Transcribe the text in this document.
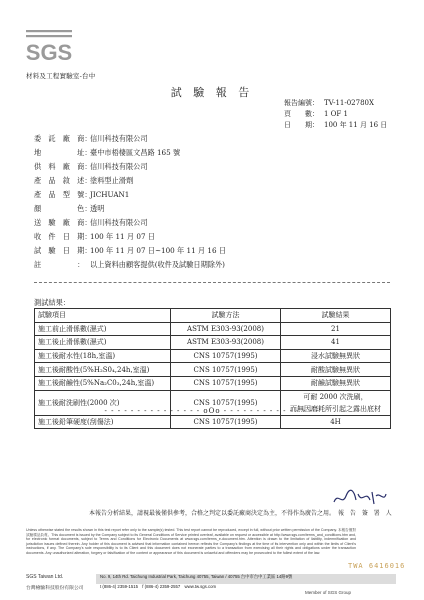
SGS
材料及工程實驗室-台中
試 驗 報 告
報告編號： TV-11-02780X
頁　　數： 1 OF 1
日　　期： 100 年 11 月 16 日
委　託　廠　商：信川科技有限公司
地　　　　　址：臺中市梧棲區文昌路 165 號
供　料　廠　商：信川科技有限公司
產　品　敘　述：塗料型止滑劑
產　品　型　號：JICHUAN1
顏　　　　　色：透明
送　驗　廠　商：信川科技有限公司
收　件　日　期：100 年 11 月 07 日
試　驗　日　期：100 年 11 月 07 日~100 年 11 月 16 日
註　　　　　： 以上資料由顧客提供(收件及試驗日期除外)
測試結果：
試驗項目	試驗方法	試驗結果
施工前止滑係數(濕式)	ASTM E303-93(2008)	21
施工後止滑係數(濕式)	ASTM E303-93(2008)	41
施工後耐水性(18h,室溫)	CNS 10757(1995)	浸水試驗無異狀
施工後耐酸性(5%H₂S0₄,24h,室溫)	CNS 10757(1995)	耐酸試驗無異狀
施工後耐鹼性(5%Na₂C0₃,24h,室溫)	CNS 10757(1995)	耐鹼試驗無異狀
施工後耐洗刷性(2000 次)	CNS 10757(1995)	可耐 2000 次洗刷，
而無因磨耗所引起之露出底材
施工後鉛筆硬度(刮傷法)	CNS 10757(1995)	4H
- - - - - - - - - - - - - - - oOo - - - - - - - - - - - - - - -
報 告 簽 署 人
本報告分析結果，請視最後僅供參考，合格之判定以委託廠商決定為主，不得作為廣告之用。
Unless otherwise stated the results shown in this test report refer only to the sample(s) tested. This test report cannot be reproduced, except in full, without prior written permission of the Company. 本報告僅對試驗樣品負責。This document is issued by the Company subject to its General Conditions of Service printed overleaf, available on request or accessible at http://www.sgs.com/terms_and_conditions.htm and, for electronic format documents, subject to Terms and Conditions for Electronic Documents at www.sgs.com/terms_e-document.htm. Attention is drawn to the limitation of liability, indemnification and jurisdiction issues defined therein. Any holder of this document is advised that information contained hereon reflects the Company's findings at the time of its intervention only and within the limits of Client's instructions, if any. The Company's sole responsibility is to its Client and this document does not exonerate parties to a transaction from exercising all their rights and obligations under the transaction documents. Any unauthorized alteration, forgery or falsification of the content or appearance of this document is unlawful and offenders may be prosecuted to the fullest extent of the law.
TWA 6416016
SGS Taiwan Ltd.	No. 9, 14th Rd. Taichung Industrial Park, Taichung 40755, Taiwan / 40755 台中市台中工業區 14路9號
台灣檢驗科技股份有限公司	t (886-4) 2359-1515　f (886-4) 2359-2557　www.tw.sgs.com
Member of SGS Group
